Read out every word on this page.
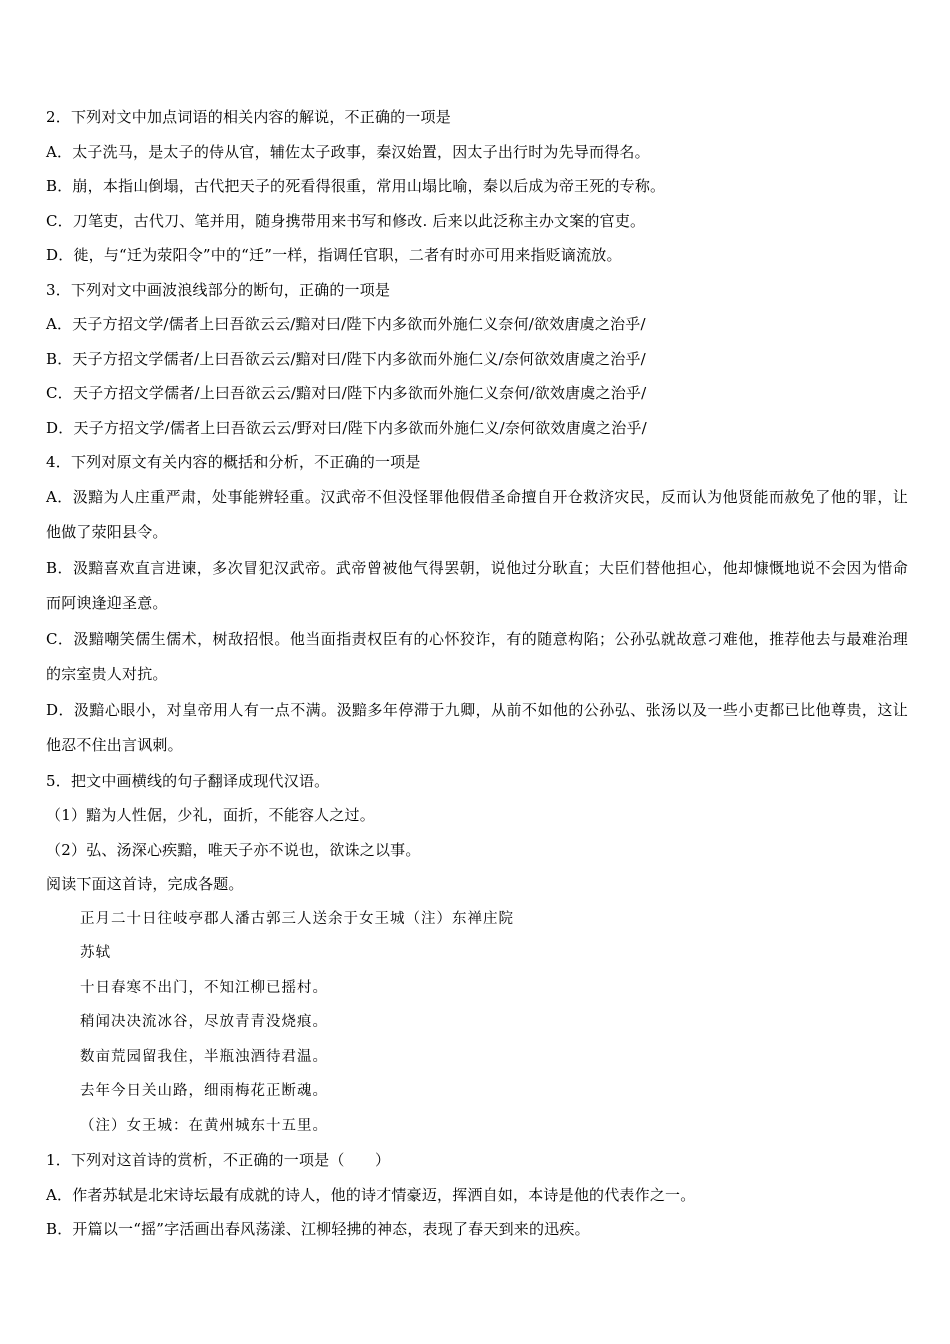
2．下列对文中加点词语的相关内容的解说，不正确的一项是
A．太子洗马，是太子的侍从官，辅佐太子政事，秦汉始置，因太子出行时为先导而得名。
B．崩，本指山倒塌，古代把天子的死看得很重，常用山塌比喻，秦以后成为帝王死的专称。
C．刀笔吏，古代刀、笔并用，随身携带用来书写和修改. 后来以此泛称主办文案的官吏。
D．徙，与“迁为荥阳令”中的“迁”一样，指调任官职，二者有时亦可用来指贬谪流放。
3．下列对文中画波浪线部分的断句，正确的一项是
A．天子方招文学/儒者上曰吾欲云云/黯对曰/陛下内多欲而外施仁义奈何/欲效唐虞之治乎/
B．天子方招文学儒者/上曰吾欲云云/黯对曰/陛下内多欲而外施仁义/奈何欲效唐虞之治乎/
C．天子方招文学儒者/上曰吾欲云云/黯对曰/陛下内多欲而外施仁义奈何/欲效唐虞之治乎/
D．天子方招文学/儒者上曰吾欲云云/野对曰/陛下内多欲而外施仁义/奈何欲效唐虞之治乎/
4．下列对原文有关内容的概括和分析，不正确的一项是
A．汲黯为人庄重严肃，处事能辨轻重。汉武帝不但没怪罪他假借圣命擅自开仓救济灾民，反而认为他贤能而赦免了他的罪，让他做了荥阳县令。
B．汲黯喜欢直言进谏，多次冒犯汉武帝。武帝曾被他气得罢朝，说他过分耿直；大臣们替他担心，他却慷慨地说不会因为惜命而阿谀逢迎圣意。
C．汲黯嘲笑儒生儒术，树敌招恨。他当面指责权臣有的心怀狡诈，有的随意构陷；公孙弘就故意刁难他，推荐他去与最难治理的宗室贵人对抗。
D．汲黯心眼小，对皇帝用人有一点不满。汲黯多年停滞于九卿，从前不如他的公孙弘、张汤以及一些小吏都已比他尊贵，这让他忍不住出言讽刺。
5．把文中画横线的句子翻译成现代汉语。
（1）黯为人性倨，少礼，面折，不能容人之过。
（2）弘、汤深心疾黯，唯天子亦不说也，欲诛之以事。
阅读下面这首诗，完成各题。
正月二十日往岐亭郡人潘古郭三人送余于女王城（注）东禅庄院
苏轼
十日春寒不出门，不知江柳已摇村。
稍闻决决流冰谷，尽放青青没烧痕。
数亩荒园留我住，半瓶浊酒待君温。
去年今日关山路，细雨梅花正断魂。
（注）女王城：在黄州城东十五里。
1．下列对这首诗的赏析，不正确的一项是（　　）
A．作者苏轼是北宋诗坛最有成就的诗人，他的诗才情豪迈，挥洒自如，本诗是他的代表作之一。
B．开篇以一“摇”字活画出春风荡漾、江柳轻拂的神态，表现了春天到来的迅疾。
